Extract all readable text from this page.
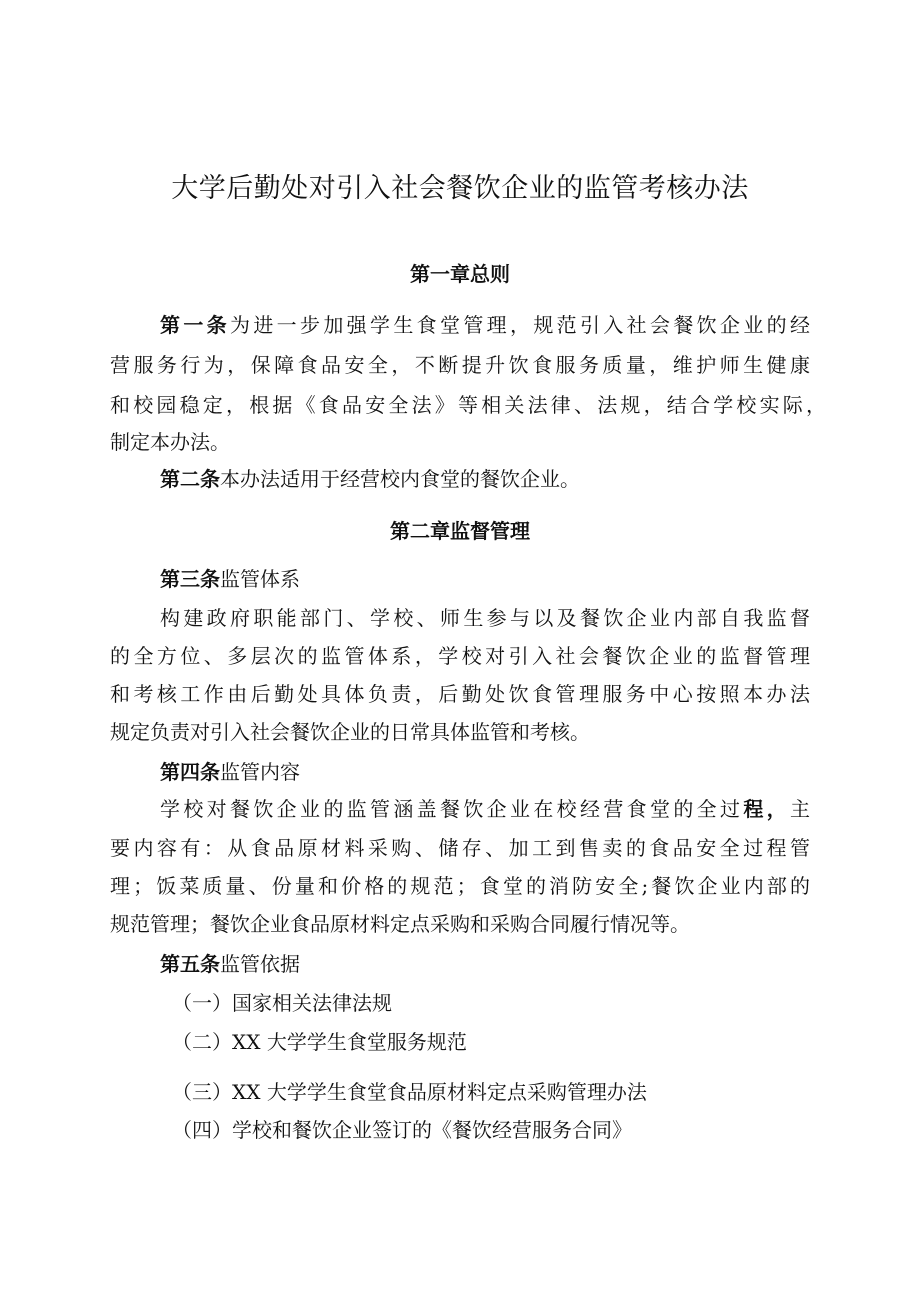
大学后勤处对引入社会餐饮企业的监管考核办法
第一章总则
第一条为进一步加强学生食堂管理，规范引入社会餐饮企业的经
营服务行为，保障食品安全，不断提升饮食服务质量，维护师生健康
和校园稳定，根据《食品安全法》等相关法律、法规，结合学校实际，
制定本办法。
第二条本办法适用于经营校内食堂的餐饮企业。
第二章监督管理
第三条监管体系
构建政府职能部门、学校、师生参与以及餐饮企业内部自我监督
的全方位、多层次的监管体系，学校对引入社会餐饮企业的监督管理
和考核工作由后勤处具体负责，后勤处饮食管理服务中心按照本办法
规定负责对引入社会餐饮企业的日常具体监管和考核。
第四条监管内容
学校对餐饮企业的监管涵盖餐饮企业在校经营食堂的全过程，主
要内容有：从食品原材料采购、储存、加工到售卖的食品安全过程管
理；饭菜质量、份量和价格的规范；食堂的消防安全;餐饮企业内部的
规范管理；餐饮企业食品原材料定点采购和采购合同履行情况等。
第五条监管依据
（一）国家相关法律法规
（二）XX 大学学生食堂服务规范
（三）XX 大学学生食堂食品原材料定点采购管理办法
（四）学校和餐饮企业签订的《餐饮经营服务合同》
